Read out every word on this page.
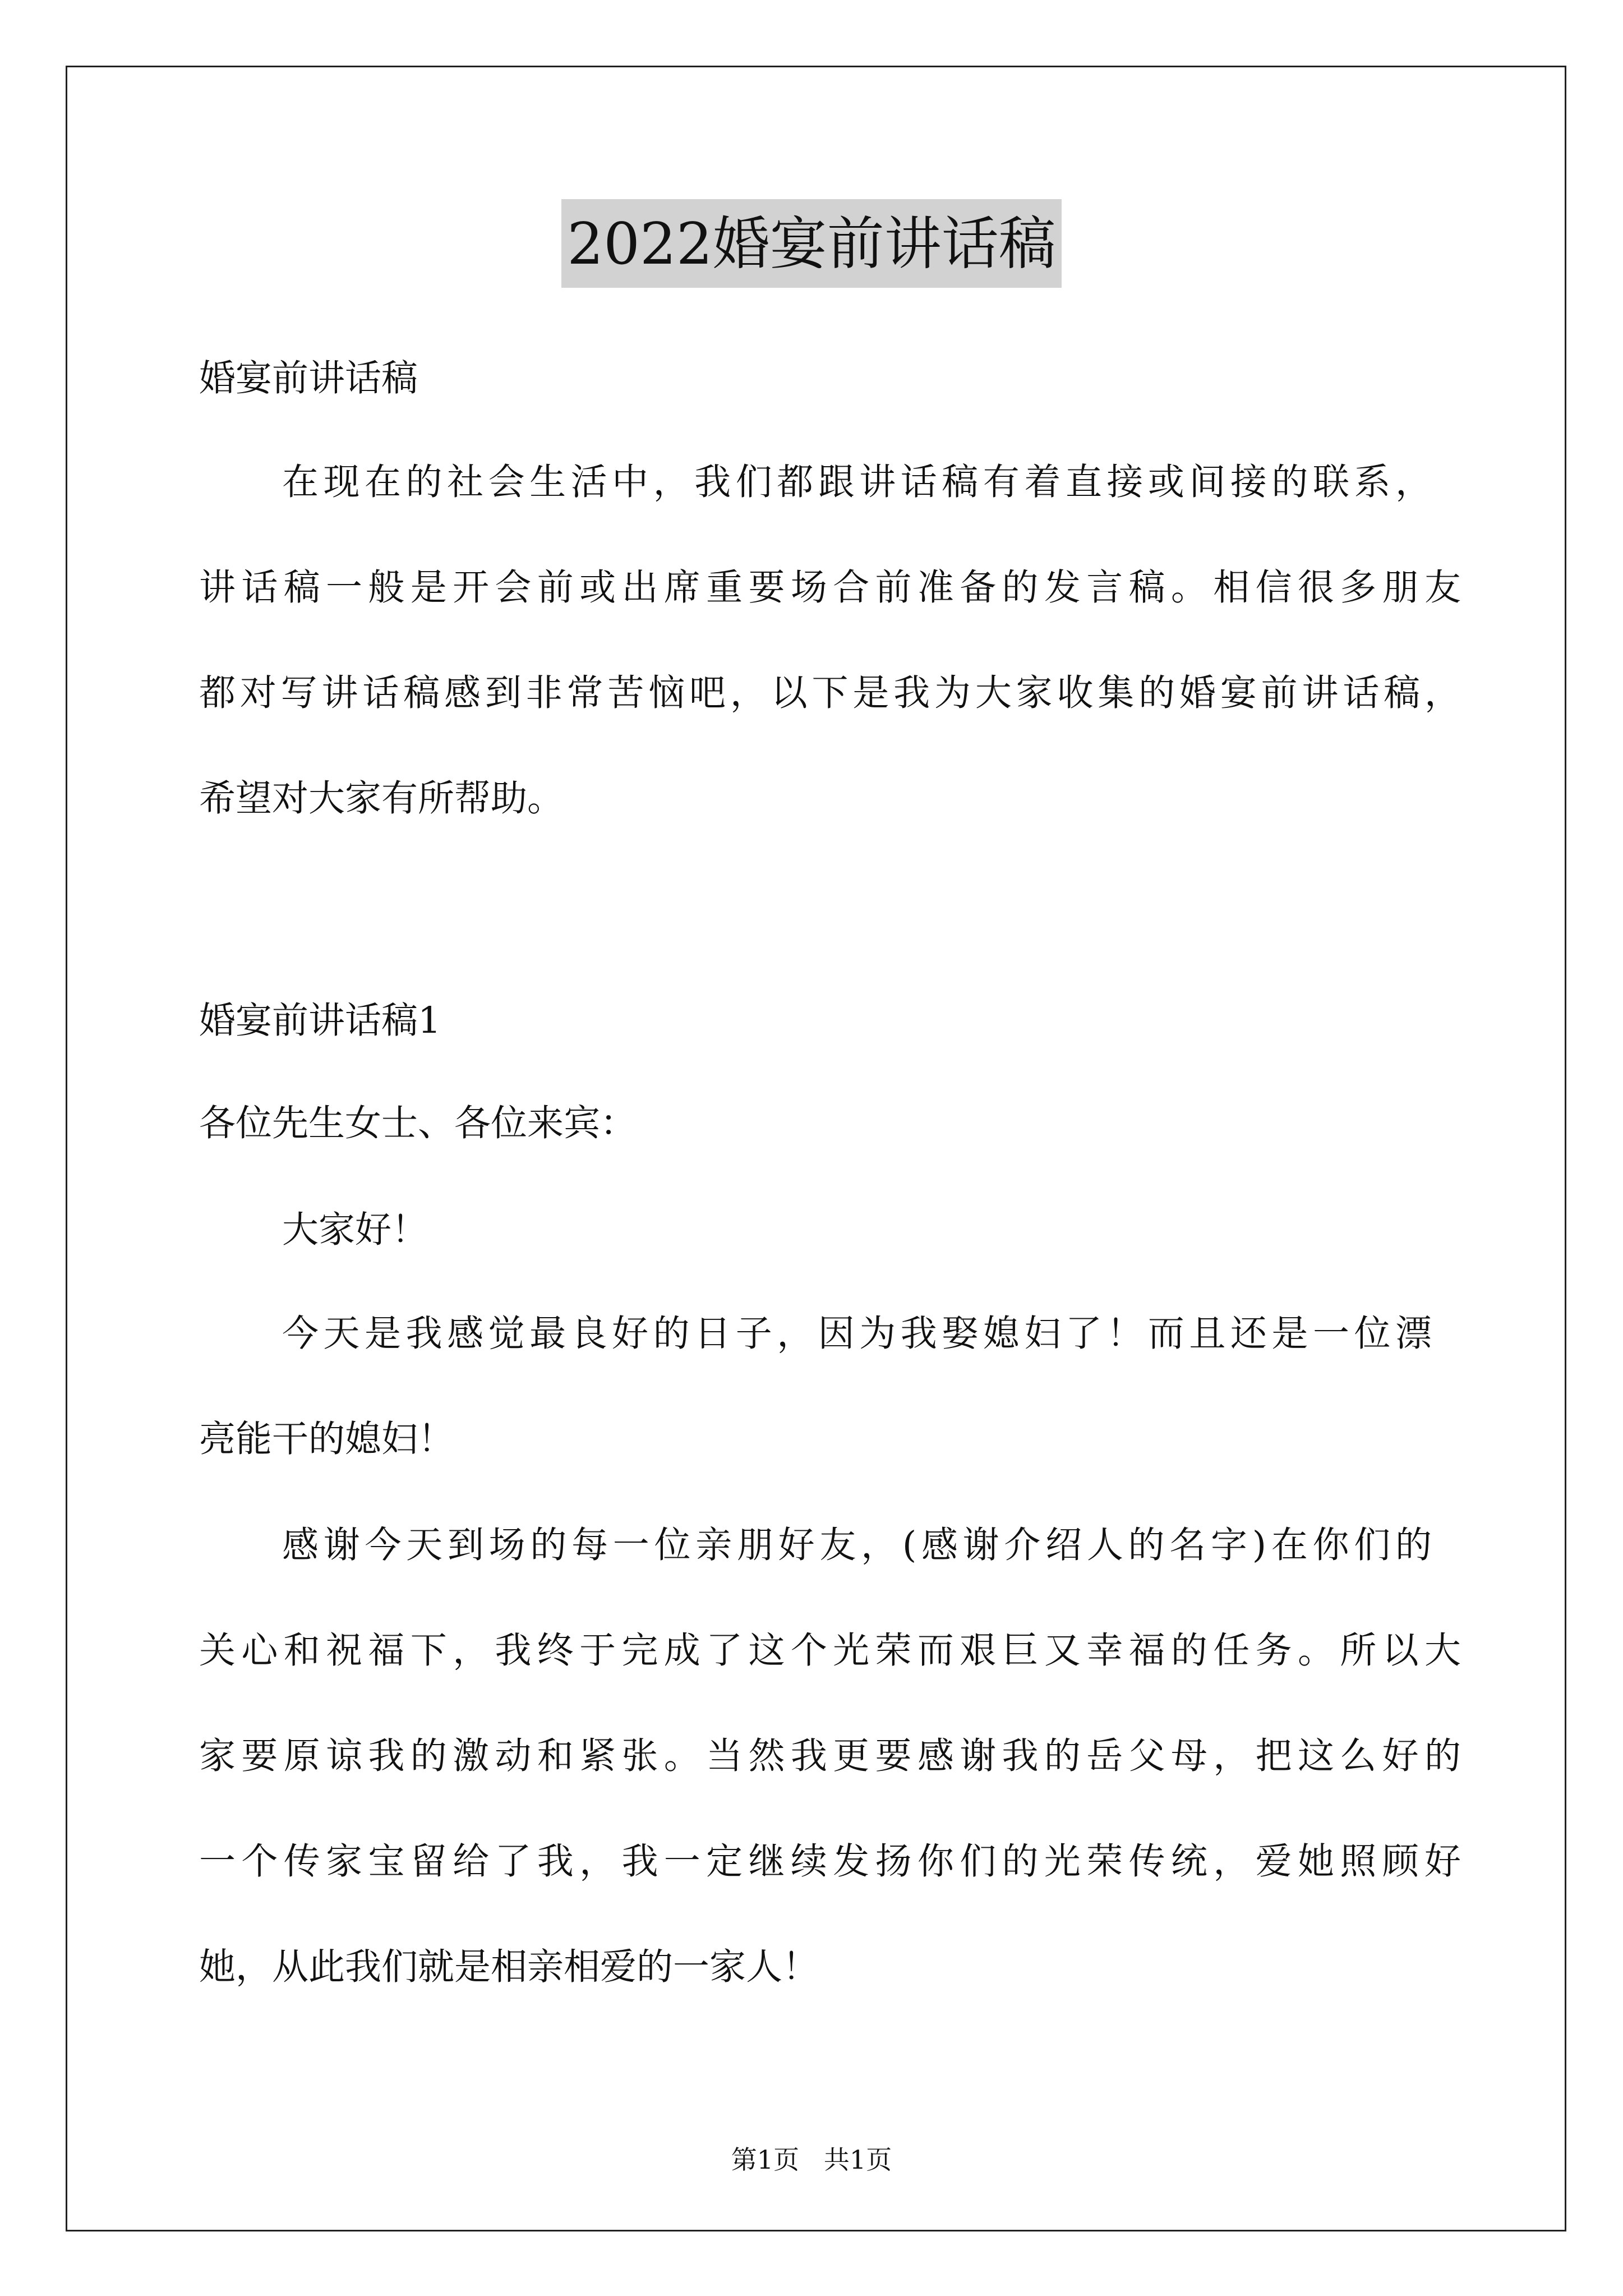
2022婚宴前讲话稿

婚宴前讲话稿

在现在的社会生活中，我们都跟讲话稿有着直接或间接的联系，

讲话稿一般是开会前或出席重要场合前准备的发言稿。相信很多朋友

都对写讲话稿感到非常苦恼吧，以下是我为大家收集的婚宴前讲话稿，

希望对大家有所帮助。

婚宴前讲话稿1

各位先生女士、各位来宾：

大家好！

今天是我感觉最良好的日子，因为我娶媳妇了！而且还是一位漂

亮能干的媳妇！

感谢今天到场的每一位亲朋好友，(感谢介绍人的名字)在你们的

关心和祝福下，我终于完成了这个光荣而艰巨又幸福的任务。所以大

家要原谅我的激动和紧张。当然我更要感谢我的岳父母，把这么好的

一个传家宝留给了我，我一定继续发扬你们的光荣传统，爱她照顾好

她，从此我们就是相亲相爱的一家人！

第1页   共1页
